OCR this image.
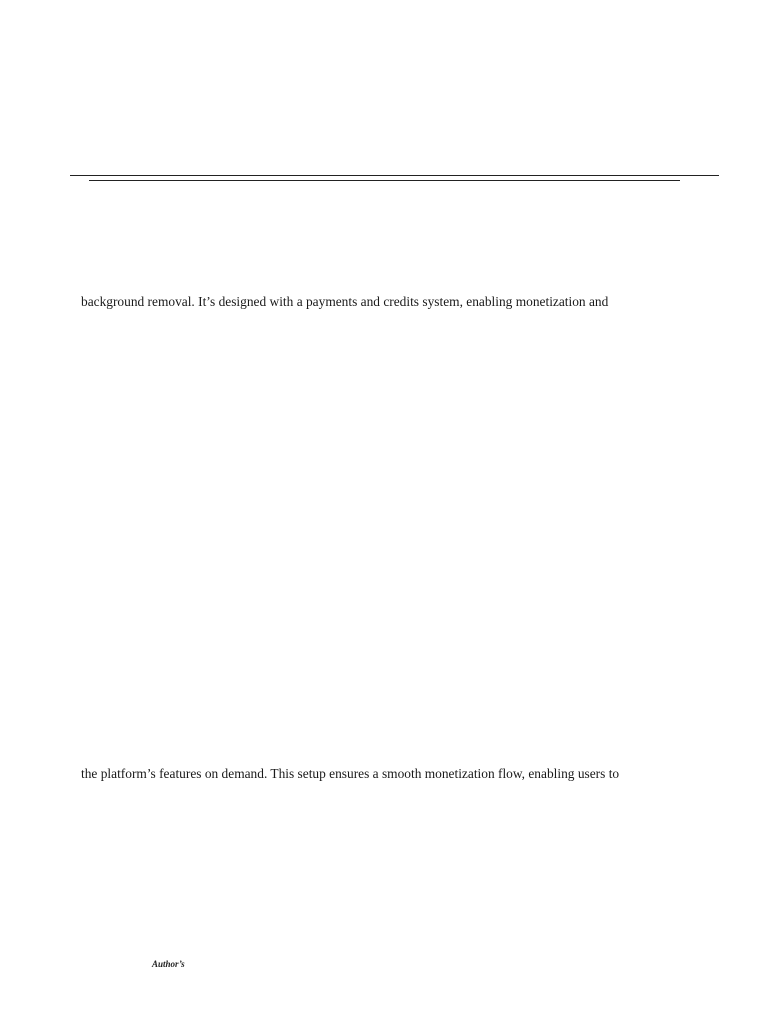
background removal. It’s designed with a payments and credits system, enabling monetization and
the platform’s features on demand. This setup ensures a smooth monetization flow, enabling users to
Author’s
